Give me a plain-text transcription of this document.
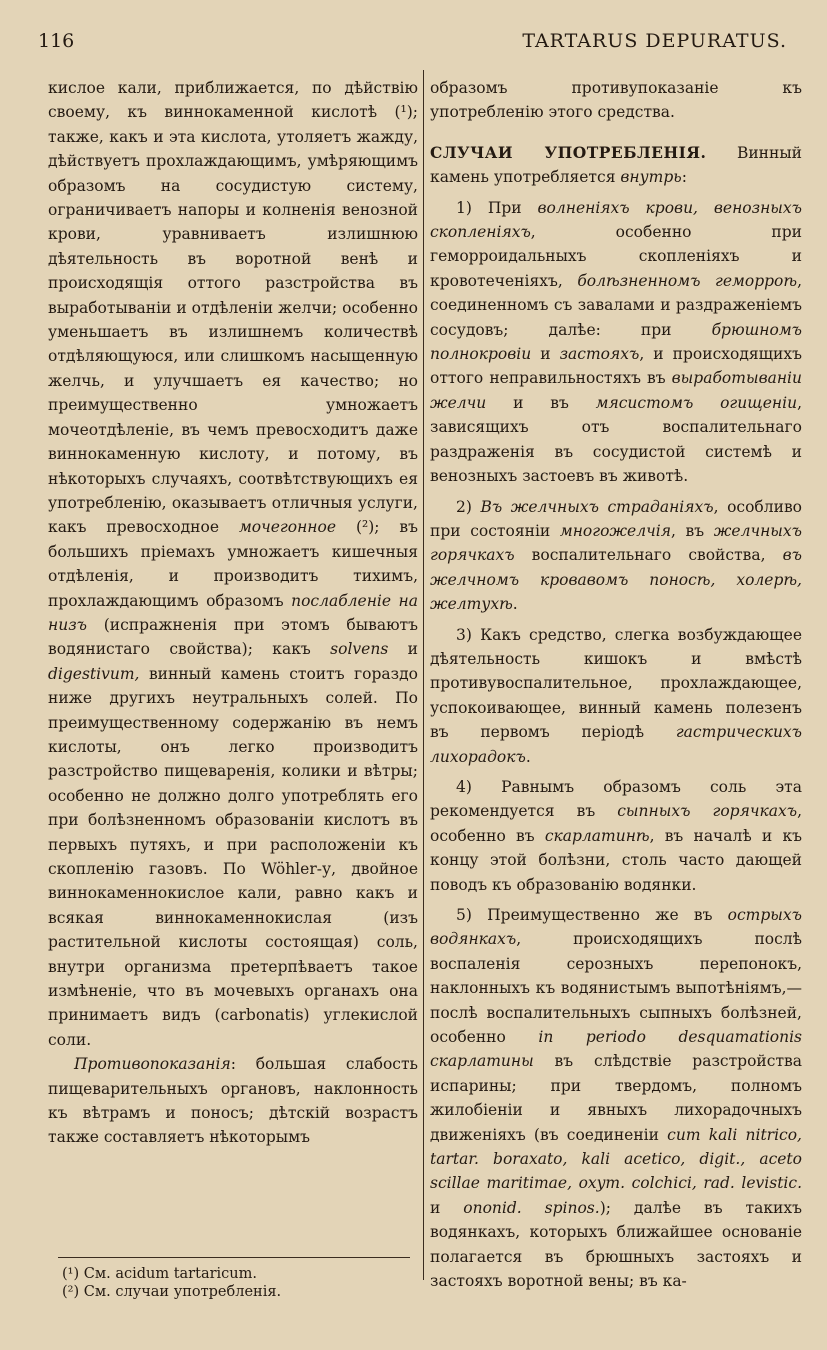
116	TARTARUS DEPURATUS.

кислое кали, приближается, по дѣйствію своему, къ виннокаменной кислотѣ (¹); также, какъ и эта кислота, утоляетъ жажду, дѣйствуетъ прохлаждающимъ, умѣряющимъ образомъ на сосудистую систему, ограничиваетъ напоры и колненія венозной крови, уравниваетъ излишнюю дѣятельность въ воротной венѣ и происходящія оттого разстройства въ выработываніи и отдѣленіи желчи; особенно уменьшаетъ въ излишнемъ количествѣ отдѣляющуюся, или слишкомъ насыщенную желчь, и улучшаетъ ея качество; но преимущественно умножаетъ мочеотдѣленіе, въ чемъ превосходитъ даже виннокаменную кислоту, и потому, въ нѣкоторыхъ случаяхъ, соотвѣтствующихъ ея употребленію, оказываетъ отличныя услуги, какъ превосходное мочегонное (²); въ большихъ пріемахъ умножаетъ кишечныя отдѣленія, и производитъ тихимъ, прохлаждающимъ образомъ послабленіе на низъ (испражненія при этомъ бываютъ водянистаго свойства); какъ solvens и digestivum, винный камень стоитъ гораздо ниже другихъ неутральныхъ солей. По преимущественному содержанію въ немъ кислоты, онъ легко производитъ разстройство пищеваренія, колики и вѣтры; особенно не должно долго употреблять его при болѣзненномъ образованіи кислотъ въ первыхъ путяхъ, и при расположеніи къ скопленію газовъ. По Wöhler-у, двойное виннокаменнокислое кали, равно какъ и всякая виннокаменнокислая (изъ растительной кислоты состоящая) соль, внутри организма претерпѣваетъ такое измѣненіе, что въ мочевыхъ органахъ она принимаетъ видъ (carbonatis) углекислой соли.

Противопоказанія: большая слабость пищеварительныхъ органовъ, наклонность къ вѣтрамъ и поносъ; дѣтскій возрастъ также составляетъ нѣкоторымъ

образомъ противупоказаніе къ употребленію этого средства.

СЛУЧАИ УПОТРЕБЛЕНІЯ. Винный камень употребляется внутрь:

1) При волненіяхъ крови, венозныхъ скопленіяхъ, особенно при геморроидальныхъ скопленіяхъ и кровотеченіяхъ, болѣзненномъ геморроѣ, соединенномъ съ завалами и раздраженіемъ сосудовъ; далѣе: при брюшномъ полнокровіи и застояхъ, и происходящихъ оттого неправильностяхъ въ выработываніи желчи и въ мясистомъ огищеніи, зависящихъ отъ воспалительнаго раздраженія въ сосудистой системѣ и венозныхъ застоевъ въ животѣ.

2) Въ желчныхъ страданіяхъ, особливо при состояніи многожелчія, въ желчныхъ горячкахъ воспалительнаго свойства, въ желчномъ кровавомъ поносѣ, холерѣ, желтухѣ.

3) Какъ средство, слегка возбуждающее дѣятельность кишокъ и вмѣстѣ противувоспалительное, прохлаждающее, успокоивающее, винный камень полезенъ въ первомъ періодѣ гастрическихъ лихорадокъ.

4) Равнымъ образомъ соль эта рекомендуется въ сыпныхъ горячкахъ, особенно въ скарлатинѣ, въ началѣ и къ концу этой болѣзни, столь часто дающей поводъ къ образованію водянки.

5) Преимущественно же въ острыхъ водянкахъ, происходящихъ послѣ воспаленія серозныхъ перепонокъ, наклонныхъ къ водянистымъ выпотѣніямъ,— послѣ воспалительныхъ сыпныхъ болѣзней, особенно in periodo desquamationis скарлатины въ слѣдствіе разстройства испарины; при твердомъ, полномъ жилобіеніи и явныхъ лихорадочныхъ движеніяхъ (въ соединеніи cum kali nitrico, tartar. boraxato, kali acetico, digit., aceto scillae maritimae, oxym. colchici, rad. levistic. и ononid. spinos.); далѣе въ такихъ водянкахъ, которыхъ ближайшее основаніе полагается въ брюшныхъ застояхъ и застояхъ воротной вены; въ ка-

(¹) См. acidum tartaricum.
(²) См. случаи употребленія.
